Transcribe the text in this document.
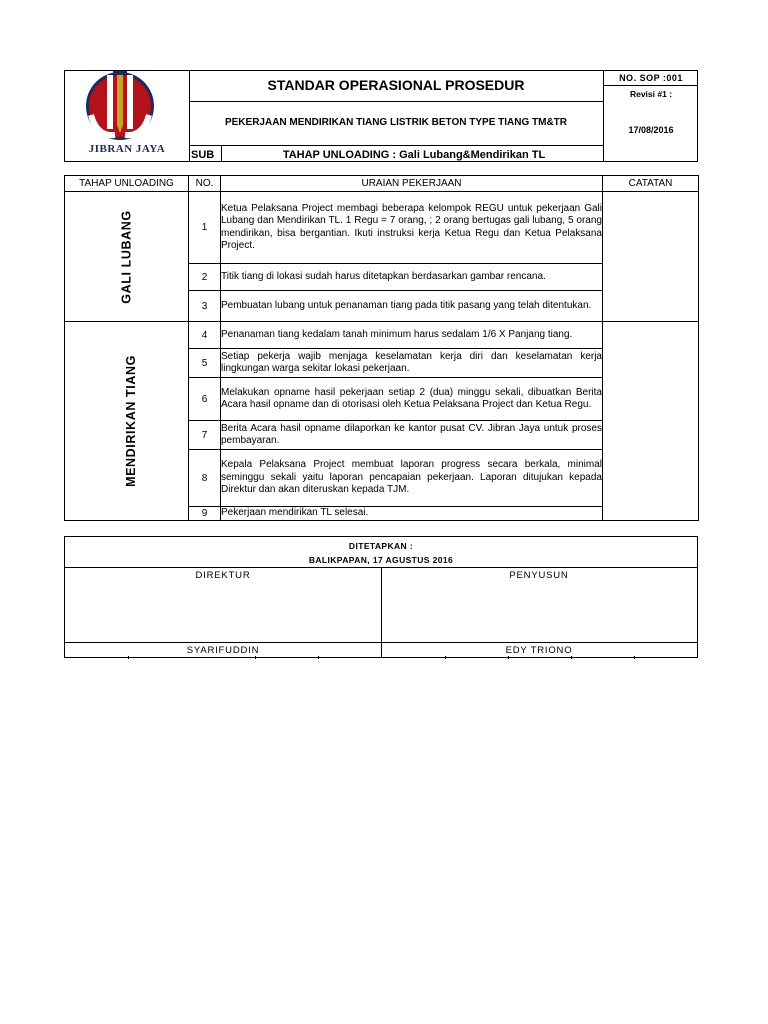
JIBRAN JAYA
STANDAR OPERASIONAL PROSEDUR
PEKERJAAN MENDIRIKAN TIANG LISTRIK BETON TYPE TIANG TM&TR
SUB	TAHAP UNLOADING : Gali Lubang&Mendirikan TL
NO. SOP :001
Revisi #1 :
17/08/2016
TAHAP UNLOADING	NO.	URAIAN PEKERJAAN	CATATAN
GALI LUBANG	1	Ketua Pelaksana Project membagi beberapa kelompok REGU untuk pekerjaan Gali Lubang dan Mendirikan TL. 1 Regu = 7 orang, ; 2 orang bertugas gali lubang, 5 orang mendirikan, bisa bergantian. Ikuti instruksi kerja Ketua Regu dan Ketua Pelaksana Project.	
	2	Titik tiang di lokasi sudah harus ditetapkan berdasarkan gambar rencana.	
	3	Pembuatan lubang untuk penanaman tiang pada titik pasang yang telah ditentukan.	
MENDIRIKAN TIANG	4	Penanaman tiang kedalam tanah minimum harus sedalam 1/6 X Panjang tiang.	
	5	Setiap pekerja wajib menjaga keselamatan kerja diri dan keselamatan kerja lingkungan warga sekitar lokasi pekerjaan.	
	6	Melakukan opname hasil pekerjaan setiap 2 (dua) minggu sekali, dibuatkan Berita Acara hasil opname dan di otorisasi oleh Ketua Pelaksana Project dan Ketua Regu.	
	7	Berita Acara hasil opname dilaporkan ke kantor pusat CV. Jibran Jaya untuk proses pembayaran.	
	8	Kepala Pelaksana Project membuat laporan progress secara berkala, minimal seminggu sekali yaitu laporan pencapaian pekerjaan. Laporan ditujukan kepada Direktur dan akan diteruskan kepada TJM.	
	9	Pekerjaan mendirikan TL selesai.	
DITETAPKAN :
BALIKPAPAN, 17 AGUSTUS 2016
DIREKTUR	PENYUSUN
SYARIFUDDIN	EDY TRIONO
